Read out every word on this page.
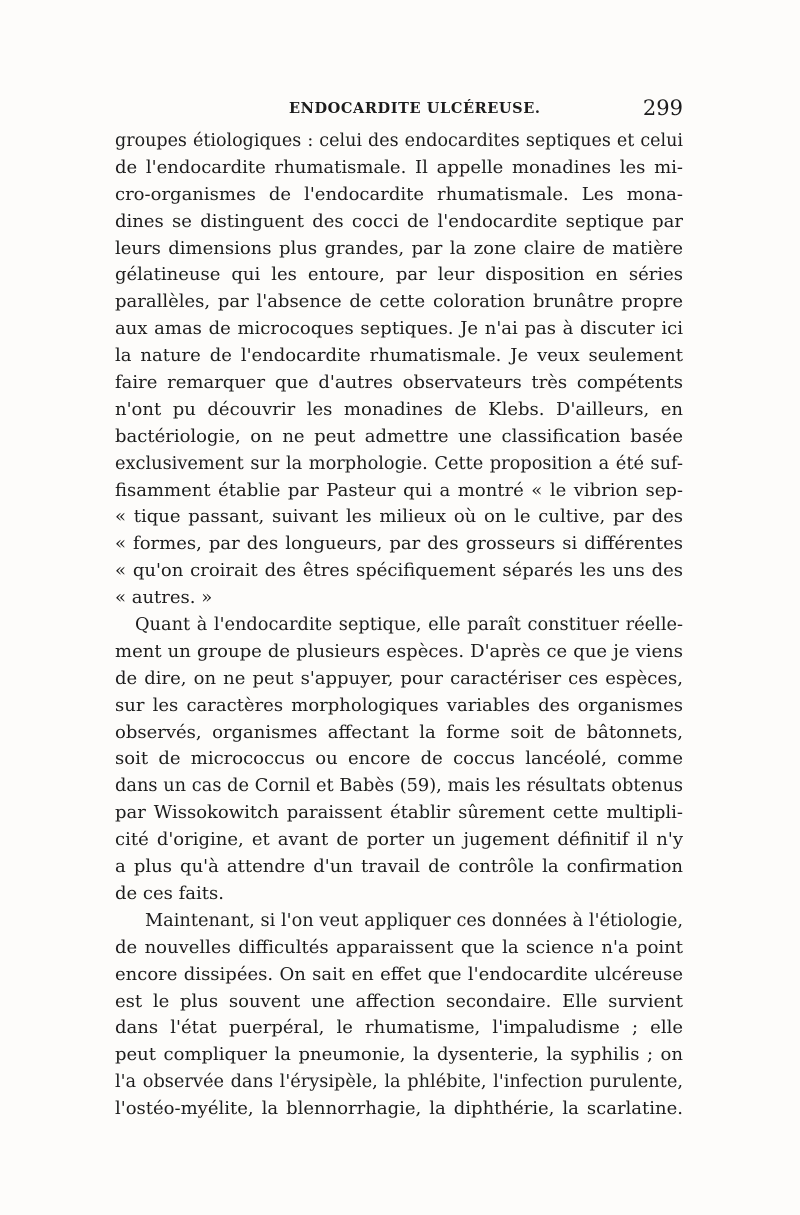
ENDOCARDITE ULCÉREUSE.	299
groupes étiologiques : celui des endocardites septiques et celui
de l'endocardite rhumatismale. Il appelle monadines les mi-
cro-organismes de l'endocardite rhumatismale. Les mona-
dines se distinguent des cocci de l'endocardite septique par
leurs dimensions plus grandes, par la zone claire de matière
gélatineuse qui les entoure, par leur disposition en séries
parallèles, par l'absence de cette coloration brunâtre propre
aux amas de microcoques septiques. Je n'ai pas à discuter ici
la nature de l'endocardite rhumatismale. Je veux seulement
faire remarquer que d'autres observateurs très compétents
n'ont pu découvrir les monadines de Klebs. D'ailleurs, en
bactériologie, on ne peut admettre une classification basée
exclusivement sur la morphologie. Cette proposition a été suf-
fisamment établie par Pasteur qui a montré « le vibrion sep-
« tique passant, suivant les milieux où on le cultive, par des
« formes, par des longueurs, par des grosseurs si différentes
« qu'on croirait des êtres spécifiquement séparés les uns des
« autres. »
Quant à l'endocardite septique, elle paraît constituer réelle-
ment un groupe de plusieurs espèces. D'après ce que je viens
de dire, on ne peut s'appuyer, pour caractériser ces espèces,
sur les caractères morphologiques variables des organismes
observés, organismes affectant la forme soit de bâtonnets,
soit de micrococcus ou encore de coccus lancéolé, comme
dans un cas de Cornil et Babès (59), mais les résultats obtenus
par Wissokowitch paraissent établir sûrement cette multipli-
cité d'origine, et avant de porter un jugement définitif il n'y
a plus qu'à attendre d'un travail de contrôle la confirmation
de ces faits.
Maintenant, si l'on veut appliquer ces données à l'étiologie,
de nouvelles difficultés apparaissent que la science n'a point
encore dissipées. On sait en effet que l'endocardite ulcéreuse
est le plus souvent une affection secondaire. Elle survient
dans l'état puerpéral, le rhumatisme, l'impaludisme ; elle
peut compliquer la pneumonie, la dysenterie, la syphilis ; on
l'a observée dans l'érysipèle, la phlébite, l'infection purulente,
l'ostéo-myélite, la blennorrhagie, la diphthérie, la scarlatine.
